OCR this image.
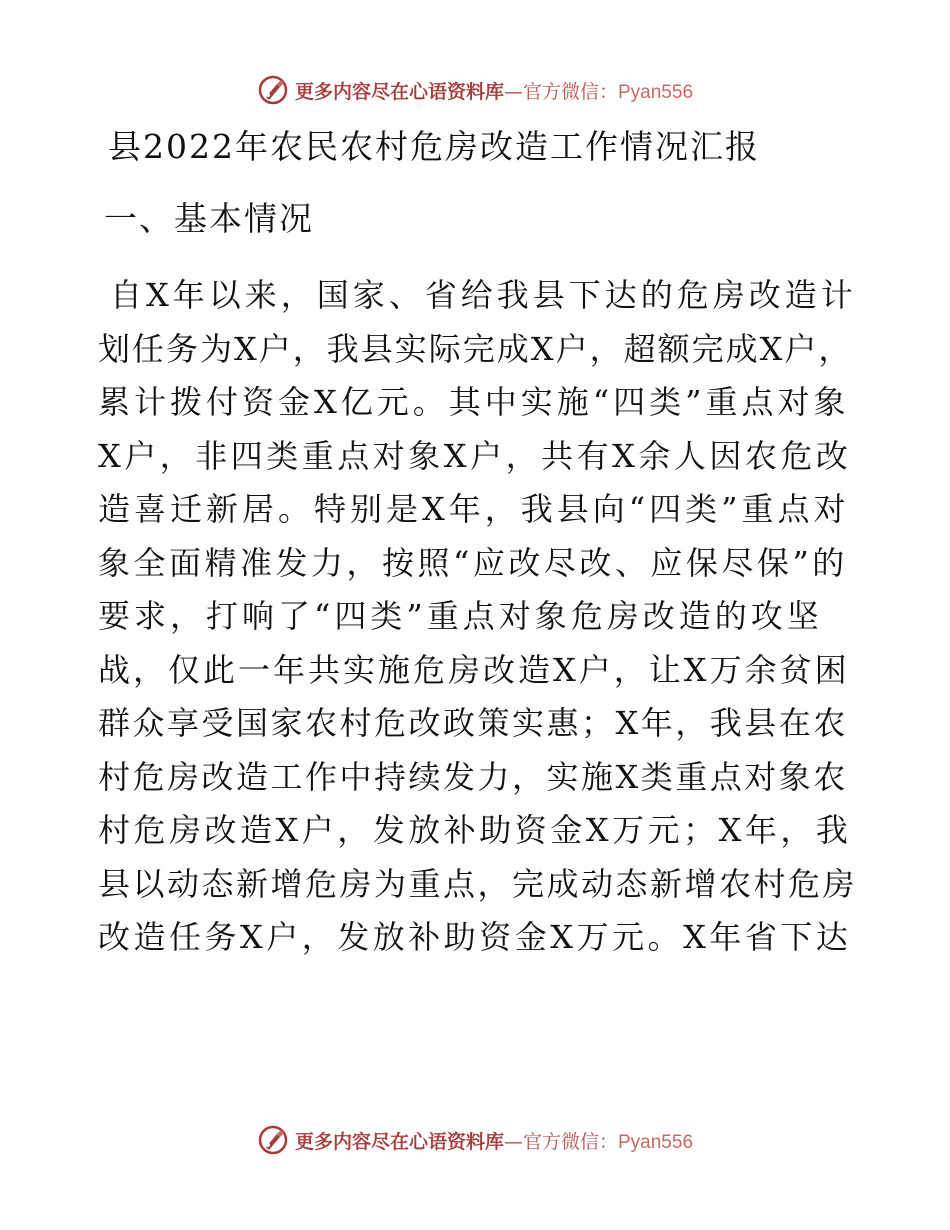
更多内容尽在心语资料库—官方微信：Pyan556
县2022年农民农村危房改造工作情况汇报
一、基本情况
自X年以来，国家、省给我县下达的危房改造计
划任务为X户，我县实际完成X户，超额完成X户，
累计拨付资金X亿元。其中实施“四类”重点对象
X户，非四类重点对象X户，共有X余人因农危改
造喜迁新居。特别是X年，我县向“四类”重点对
象全面精准发力，按照“应改尽改、应保尽保”的
要求，打响了“四类”重点对象危房改造的攻坚
战，仅此一年共实施危房改造X户，让X万余贫困
群众享受国家农村危改政策实惠；X年，我县在农
村危房改造工作中持续发力，实施X类重点对象农
村危房改造X户，发放补助资金X万元；X年，我
县以动态新增危房为重点，完成动态新增农村危房
改造任务X户，发放补助资金X万元。X年省下达
更多内容尽在心语资料库—官方微信：Pyan556
